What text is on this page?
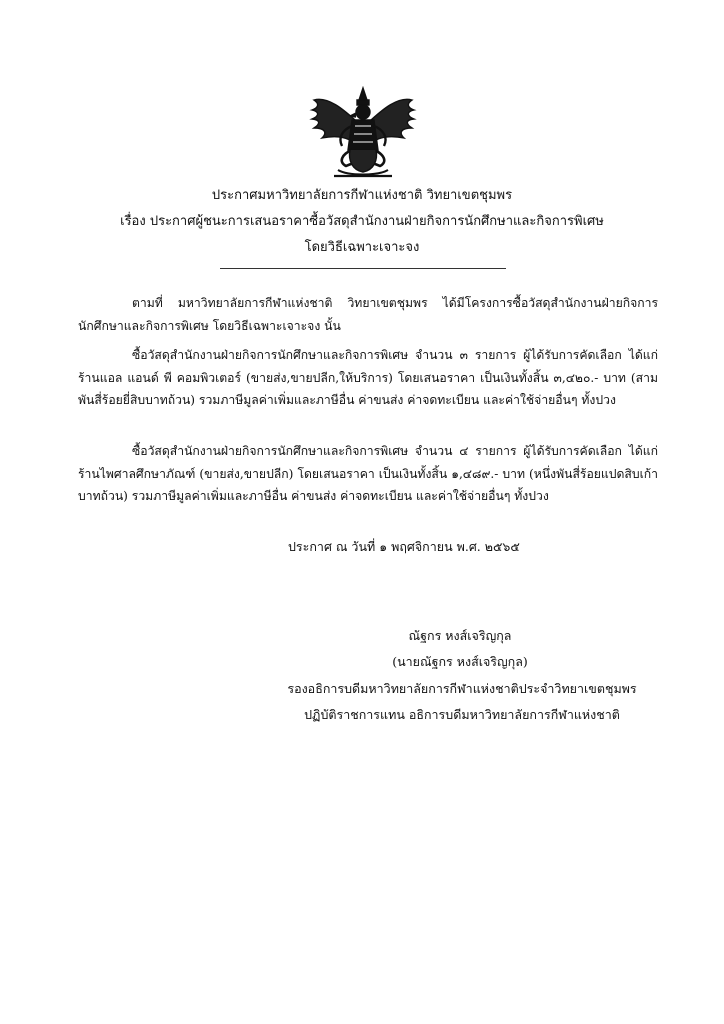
ประกาศมหาวิทยาลัยการกีฬาแห่งชาติ วิทยาเขตชุมพร
เรื่อง ประกาศผู้ชนะการเสนอราคาซื้อวัสดุสำนักงานฝ่ายกิจการนักศึกษาและกิจการพิเศษ
โดยวิธีเฉพาะเจาะจง
ตามที่ มหาวิทยาลัยการกีฬาแห่งชาติ วิทยาเขตชุมพร ได้มีโครงการซื้อวัสดุสำนักงานฝ่ายกิจการนักศึกษาและกิจการพิเศษ โดยวิธีเฉพาะเจาะจง นั้น
ซื้อวัสดุสำนักงานฝ่ายกิจการนักศึกษาและกิจการพิเศษ จำนวน ๓ รายการ ผู้ได้รับการคัดเลือก ได้แก่ ร้านแอล แอนด์ พี คอมพิวเตอร์ (ขายส่ง,ขายปลีก,ให้บริการ) โดยเสนอราคา เป็นเงินทั้งสิ้น ๓,๔๒๐.- บาท (สามพันสี่ร้อยยี่สิบบาทถ้วน) รวมภาษีมูลค่าเพิ่มและภาษีอื่น ค่าขนส่ง ค่าจดทะเบียน และค่าใช้จ่ายอื่นๆ ทั้งปวง
ซื้อวัสดุสำนักงานฝ่ายกิจการนักศึกษาและกิจการพิเศษ จำนวน ๔ รายการ ผู้ได้รับการคัดเลือก ได้แก่ ร้านไพศาลศึกษาภัณฑ์ (ขายส่ง,ขายปลีก) โดยเสนอราคา เป็นเงินทั้งสิ้น ๑,๔๘๙.- บาท (หนึ่งพันสี่ร้อยแปดสิบเก้าบาทถ้วน) รวมภาษีมูลค่าเพิ่มและภาษีอื่น ค่าขนส่ง ค่าจดทะเบียน และค่าใช้จ่ายอื่นๆ ทั้งปวง
ประกาศ ณ วันที่ ๑ พฤศจิกายน พ.ศ. ๒๕๖๕
ณัฐกร หงส์เจริญกุล
(นายณัฐกร หงส์เจริญกุล)
รองอธิการบดีมหาวิทยาลัยการกีฬาแห่งชาติประจำวิทยาเขตชุมพร
ปฏิบัติราชการแทน อธิการบดีมหาวิทยาลัยการกีฬาแห่งชาติ
